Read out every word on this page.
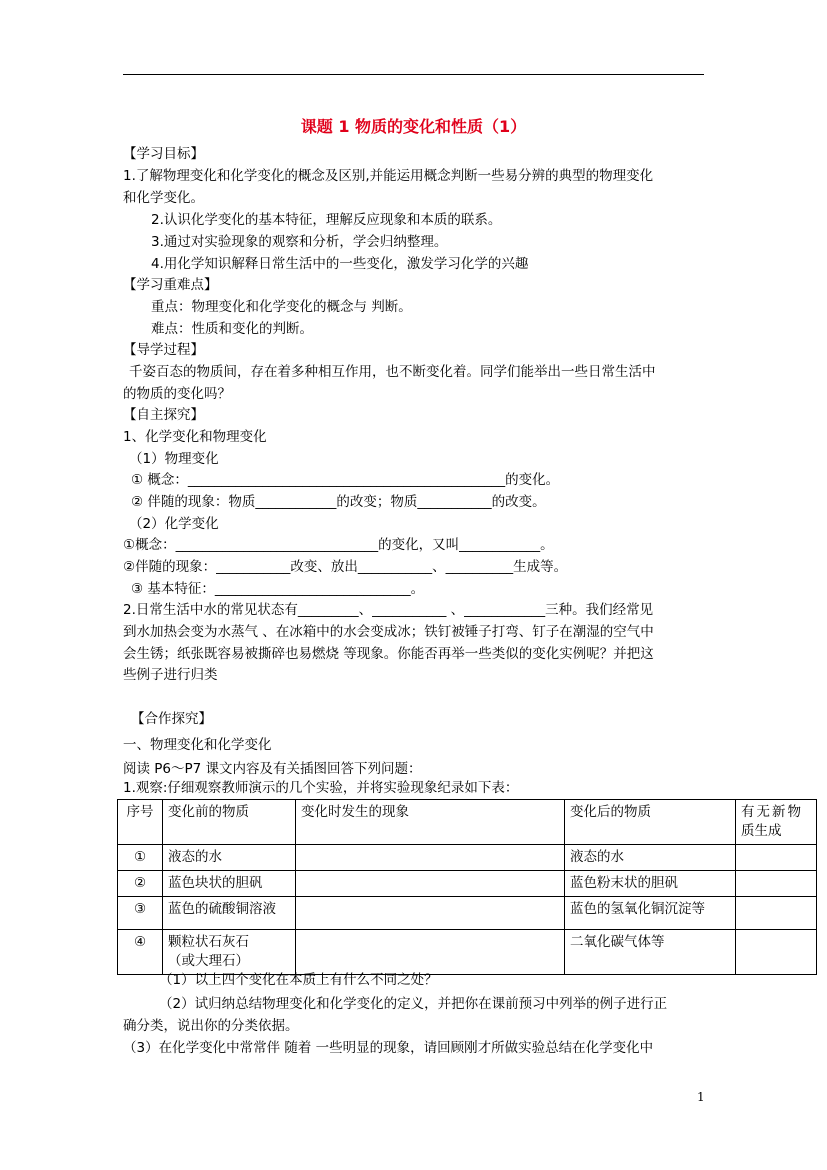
课题 1 物质的变化和性质（1）
【学习目标】
1.了解物理变化和化学变化的概念及区别,并能运用概念判断一些易分辨的典型的物理变化
和化学变化。
2.认识化学变化的基本特征，理解反应现象和本质的联系。
3.通过对实验现象的观察和分析，学会归纳整理。
4.用化学知识解释日常生活中的一些变化，激发学习化学的兴趣
【学习重难点】
重点：物理变化和化学变化的概念与 判断。
难点：性质和变化的判断。
【导学过程】
千姿百态的物质间，存在着多种相互作用，也不断变化着。同学们能举出一些日常生活中
的物质的变化吗？
【自主探究】
1、化学变化和物理变化
（1）物理变化
① 概念：_______________________________________________的变化。
② 伴随的现象：物质____________的改变；物质___________的改变。
（2）化学变化
①概念：______________________________的变化，又叫____________。
②伴随的现象：___________改变、放出___________、__________生成等。
③ 基本特征：_____________________________。
2.日常生活中水的常见状态有_________、___________ 、____________三种。我们经常见
到水加热会变为水蒸气 、在冰箱中的水会变成冰；铁钉被锤子打弯、钉子在潮湿的空气中
会生锈；纸张既容易被撕碎也易燃烧 等现象。你能否再举一些类似的变化实例呢？并把这
些例子进行归类
【合作探究】
一、物理变化和化学变化
阅读 P6～P7 课文内容及有关插图回答下列问题：
1.观察:仔细观察教师演示的几个实验，并将实验现象纪录如下表：
序号	变化前的物质	变化时发生的现象	变化后的物质	有无新物
质生成

①	液态的水		液态的水	
②	蓝色块状的胆矾		蓝色粉末状的胆矾	
③	蓝色的硫酸铜溶液		蓝色的氢氧化铜沉淀等	
④	颗粒状石灰石
（或大理石）		二氧化碳气体等	
（1）以上四个变化在本质上有什么不同之处？
（2）试归纳总结物理变化和化学变化的定义，并把你在课前预习中列举的例子进行正
确分类，说出你的分类依据。
（3）在化学变化中常常伴 随着 一些明显的现象，请回顾刚才所做实验总结在化学变化中
1
